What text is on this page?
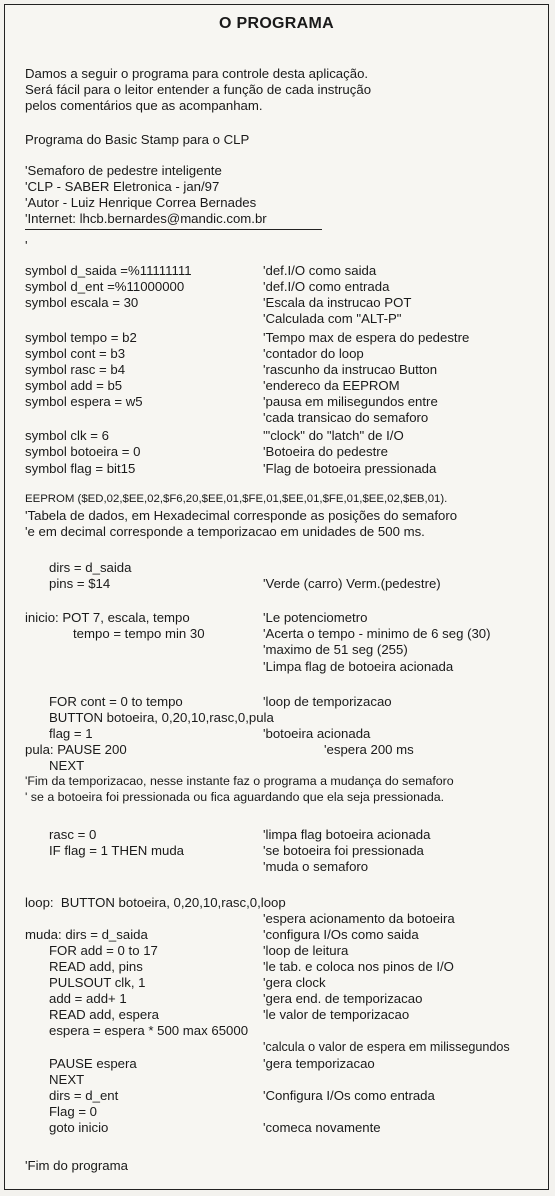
O PROGRAMA
Damos a seguir o programa para controle desta aplicação.
Será fácil para o leitor entender a função de cada instrução
pelos comentários que as acompanham.
Programa do Basic Stamp para o CLP
'Semaforo de pedestre inteligente
'CLP - SABER Eletronica - jan/97
'Autor - Luiz Henrique Correa Bernades
'Internet: lhcb.bernardes@mandic.com.br
'
symbol d_saida =%11111111	'def.I/O como saida
symbol d_ent =%11000000	'def.I/O como entrada
symbol escala = 30	'Escala da instrucao POT
'Calculada com "ALT-P"
symbol tempo = b2	'Tempo max de espera do pedestre
symbol cont = b3	'contador do loop
symbol rasc = b4	'rascunho da instrucao Button
symbol add = b5	'endereco da EEPROM
symbol espera = w5	'pausa em milisegundos entre
'cada transicao do semaforo
symbol clk = 6	'"clock" do "latch" de I/O
symbol botoeira = 0	'Botoeira do pedestre
symbol flag = bit15	'Flag de botoeira pressionada
EEPROM ($ED,02,$EE,02,$F6,20,$EE,01,$FE,01,$EE,01,$FE,01,$EE,02,$EB,01).
'Tabela de dados, em Hexadecimal corresponde as posições do semaforo
'e em decimal corresponde a temporizacao em unidades de 500 ms.
dirs = d_saida
pins = $14	'Verde (carro) Verm.(pedestre)
inicio: POT 7, escala, tempo	'Le potenciometro
tempo = tempo min 30	'Acerta o tempo - minimo de 6 seg (30)
'maximo de 51 seg (255)
'Limpa flag de botoeira acionada
FOR cont = 0 to tempo	'loop de temporizacao
BUTTON botoeira, 0,20,10,rasc,0,pula
flag = 1	'botoeira acionada
pula: PAUSE 200	'espera 200 ms
NEXT
'Fim da temporizacao, nesse instante faz o programa a mudança do semaforo
' se a botoeira foi pressionada ou fica aguardando que ela seja pressionada.
rasc = 0	'limpa flag botoeira acionada
IF flag = 1 THEN muda	'se botoeira foi pressionada
'muda o semaforo
loop:  BUTTON botoeira, 0,20,10,rasc,0,loop
'espera acionamento da botoeira
muda: dirs = d_saida	'configura I/Os como saida
FOR add = 0 to 17	'loop de leitura
READ add, pins	'le tab. e coloca nos pinos de I/O
PULSOUT clk, 1	'gera clock
add = add+ 1	'gera end. de temporizacao
READ add, espera	'le valor de temporizacao
espera = espera * 500 max 65000
'calcula o valor de espera em milissegundos
PAUSE espera	'gera temporizacao
NEXT
dirs = d_ent	'Configura I/Os como entrada
Flag = 0
goto inicio	'comeca novamente
'Fim do programa
